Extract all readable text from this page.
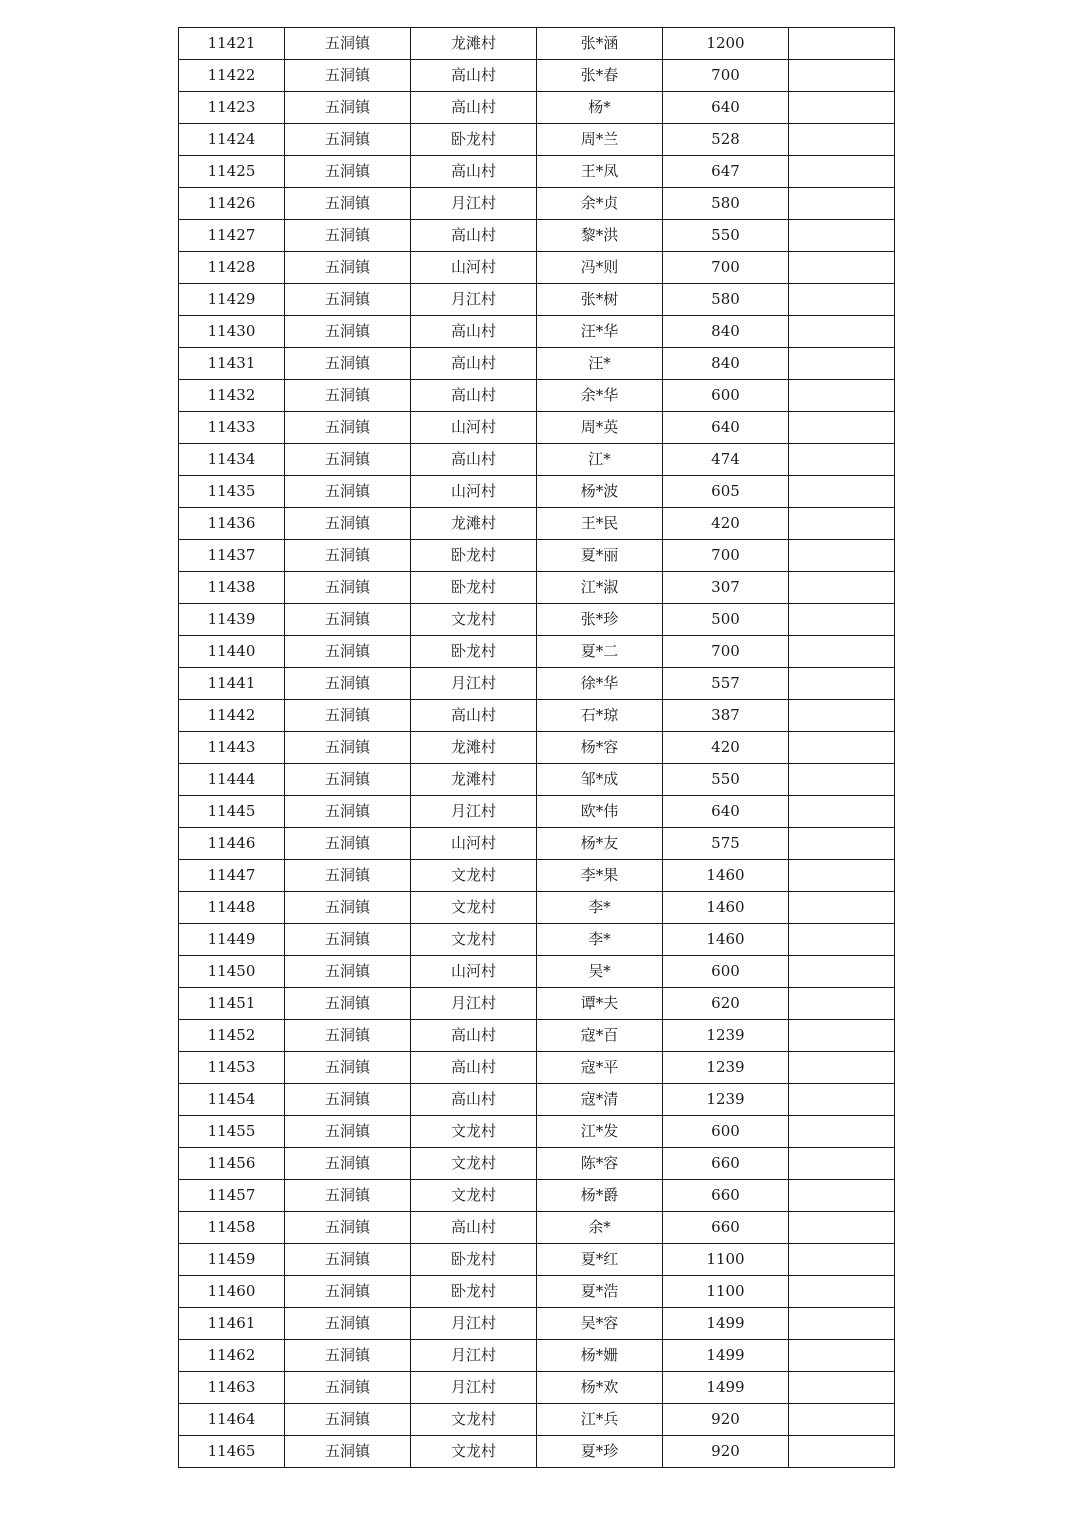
11421	五洞镇	龙滩村	张*涵	1200	
11422	五洞镇	高山村	张*春	700	
11423	五洞镇	高山村	杨*	640	
11424	五洞镇	卧龙村	周*兰	528	
11425	五洞镇	高山村	王*凤	647	
11426	五洞镇	月江村	余*贞	580	
11427	五洞镇	高山村	黎*洪	550	
11428	五洞镇	山河村	冯*则	700	
11429	五洞镇	月江村	张*树	580	
11430	五洞镇	高山村	汪*华	840	
11431	五洞镇	高山村	汪*	840	
11432	五洞镇	高山村	余*华	600	
11433	五洞镇	山河村	周*英	640	
11434	五洞镇	高山村	江*	474	
11435	五洞镇	山河村	杨*波	605	
11436	五洞镇	龙滩村	王*民	420	
11437	五洞镇	卧龙村	夏*丽	700	
11438	五洞镇	卧龙村	江*淑	307	
11439	五洞镇	文龙村	张*珍	500	
11440	五洞镇	卧龙村	夏*二	700	
11441	五洞镇	月江村	徐*华	557	
11442	五洞镇	高山村	石*琼	387	
11443	五洞镇	龙滩村	杨*容	420	
11444	五洞镇	龙滩村	邹*成	550	
11445	五洞镇	月江村	欧*伟	640	
11446	五洞镇	山河村	杨*友	575	
11447	五洞镇	文龙村	李*果	1460	
11448	五洞镇	文龙村	李*	1460	
11449	五洞镇	文龙村	李*	1460	
11450	五洞镇	山河村	吴*	600	
11451	五洞镇	月江村	谭*夫	620	
11452	五洞镇	高山村	寇*百	1239	
11453	五洞镇	高山村	寇*平	1239	
11454	五洞镇	高山村	寇*清	1239	
11455	五洞镇	文龙村	江*发	600	
11456	五洞镇	文龙村	陈*容	660	
11457	五洞镇	文龙村	杨*爵	660	
11458	五洞镇	高山村	余*	660	
11459	五洞镇	卧龙村	夏*红	1100	
11460	五洞镇	卧龙村	夏*浩	1100	
11461	五洞镇	月江村	吴*容	1499	
11462	五洞镇	月江村	杨*姗	1499	
11463	五洞镇	月江村	杨*欢	1499	
11464	五洞镇	文龙村	江*兵	920	
11465	五洞镇	文龙村	夏*珍	920	
